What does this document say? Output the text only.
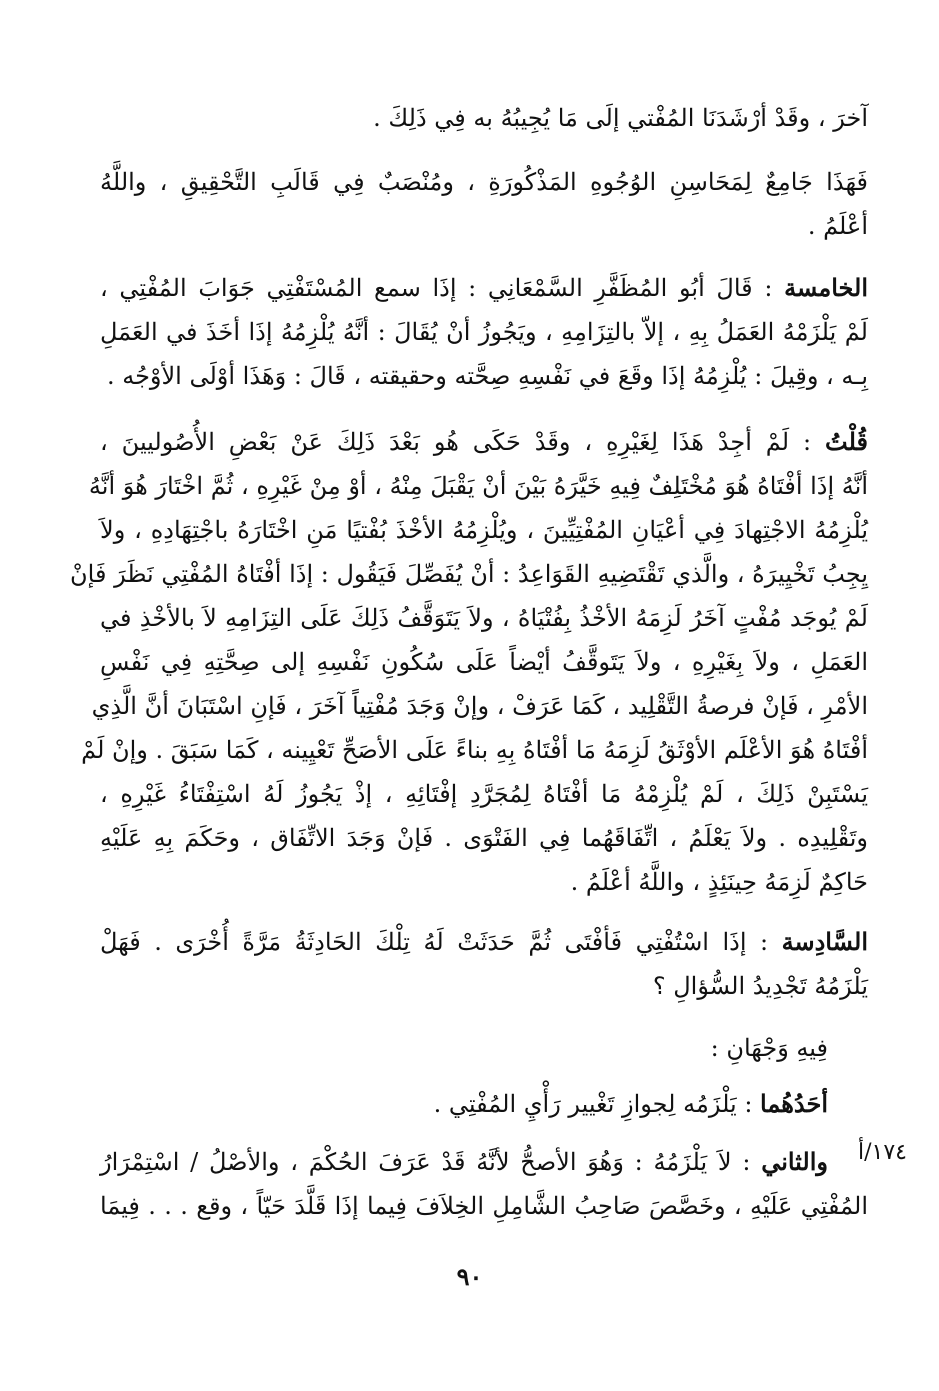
آخرَ ، وقَدْ أرْشَدَنَا المُفْتي إلَى مَا يُجِيبُهُ به فِي ذَلِكَ .

فَهَذَا جَامِعٌ لِمَحَاسِنِ الوُجُوهِ المَذْكُورَةِ ، ومُنْصَبٌ فِي قَالَبِ التَّحْقِيقِ ، واللَّهُ
أعْلَمُ .

الخامسة : قَالَ أبُو المُظَفَّرِ السَّمْعَانِي : إذَا سمع المُسْتَفْتِي جَوَابَ المُفْتِي ،
لَمْ يَلْزَمْهُ العَمَلُ بِهِ ، إلاّ بالتِزَامِهِ ، ويَجُوزُ أنْ يُقَالَ : أنَّهُ يُلْزِمُهُ إذَا أخَذَ في العَمَلِ
بِـه ، وقِيلَ : يُلْزِمُهُ إذَا وقَعَ في نَفْسِهِ صِحَّته وحقيقته ، قَالَ : وَهَذَا أوْلَى الأوْجُه .

قُلْتُ : لَمْ أجِدْ هَذَا لِغَيْرِهِ ، وقَدْ حَكَى هُو بَعْدَ ذَلِكَ عَنْ بَعْضِ الأُصُوليينَ ،
أنَّهُ إذَا أفْتَاهُ هُوَ مُخْتَلِفٌ فِيهِ خَيَّرَهُ بَيْنَ أنْ يَقْبَلَ مِنْهُ ، أوْ مِنْ غَيْرِهِ ، ثُمَّ اخْتَارَ هُوَ أنَّهُ
يُلْزِمُهُ الاجْتِهادَ فِي أعْيَانِ المُفْتِيِّينَ ، ويُلْزِمُهُ الأخْذَ بُفْتيًا مَنِ اخْتَارَهُ باجْتِهَادِهِ ، ولاَ
يِجِبُ تَخْيِيرَهُ ، والَّذي تَقْتَضِيهِ القَوَاعِدُ : أنْ يُفَصِّلَ فَيَقُول : إذَا أفْتَاهُ المُفْتِي نَظَرَ فَإنْ
لَمْ يُوجَد مُفْتٍ آخَرُ لَزِمَهُ الأخْذُ بِفُتْيَاهُ ، ولاَ يَتَوَقَّفُ ذَلِكَ عَلَى التِزَامِهِ لاَ بالأخْذِ في
العَمَلِ ، ولاَ بِغَيْرِهِ ، ولاَ يَتَوقَّفُ أيْضاً عَلَى سُكُونِ نَفْسِهِ إلى صِحَّتِهِ فِي نَفْسِ
الأمْرِ ، فَإنْ فرصةُ التَّقْلِيد ، كَمَا عَرَفْ ، وإنْ وَجَدَ مُفْتِياً آخَرَ ، فَإنِ اسْتَبَانَ أنَّ الَّذِي
أفْتَاهُ هُوَ الأعْلَم الأوْثَقُ لَزِمَهُ مَا أفْتَاهُ بِهِ بناءً عَلَى الأصَحِّ تَعْيِينه ، كَمَا سَبَقَ . وإنْ لَمْ
يَسْتَبِنْ ذَلِكَ ، لَمْ يُلْزِمْهُ مَا أفْتَاهُ لِمُجَرَّدِ إفْتَائِهِ ، إذْ يَجُوزُ لَهُ اسْتِفْتَاءُ غَيْرِهِ ،
وتَقْلِيدِه . ولاَ يَعْلَمُ ، اتِّفَاقَهُما فِي الفَتْوَى . فَإنْ وَجَدَ الاتِّفَاق ، وحَكَمَ بِهِ عَلَيْهِ
حَاكِمٌ لَزِمَهُ حِينَئِذٍ ، واللَّهُ أعْلَمُ .

السَّادِسة : إذَا اسْتُفْتِي فَأفْتَى ثُمَّ حَدَثَتْ لَهُ تِلْكَ الحَادِثَةُ مَرَّةً أُخْرَى . فَهَلْ
يَلْزَمُهُ تَجْدِيدُ السُّؤالِ ؟

فِيهِ وَجْهَانِ :

أحَدُهُما : يَلْزَمُه لِجوازِ تَغْيير رَأْيِ المُفْتِي .

والثاني : لاَ يَلْزَمُهُ : وَهُوَ الأصحُّ لأنَّهُ قَدْ عَرَفَ الحُكْمَ ، والأصْلُ / اسْتِمْرَارُ
المُفْتِي عَلَيْهِ ، وخَصَّصَ صَاحِبُ الشَّامِلِ الخِلاَفَ فِيما إذَا قَلَّدَ حَيّاً ، وقع . . . فِيمَا

١٧٤/أ
٩٠
